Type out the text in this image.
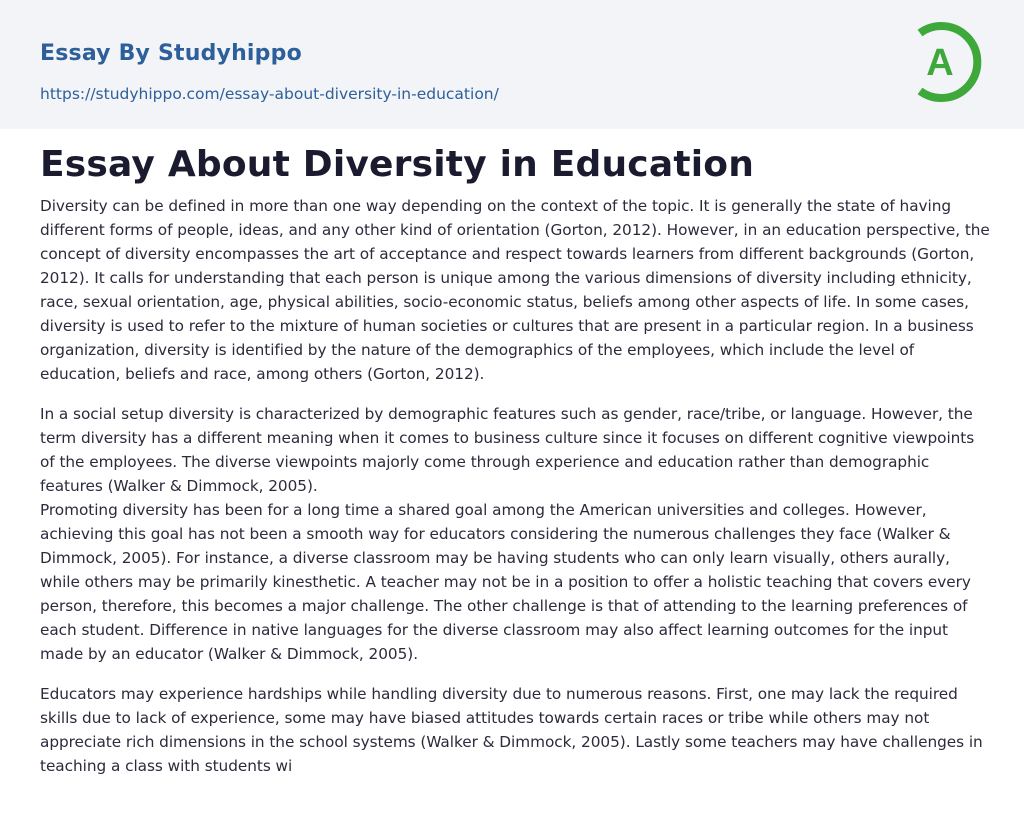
Essay By Studyhippo
https://studyhippo.com/essay-about-diversity-in-education/
A
Essay About Diversity in Education

Diversity can be defined in more than one way depending on the context of the topic. It is generally the state of having different forms of people, ideas, and any other kind of orientation (Gorton, 2012). However, in an education perspective, the concept of diversity encompasses the art of acceptance and respect towards learners from different backgrounds (Gorton, 2012). It calls for understanding that each person is unique among the various dimensions of diversity including ethnicity, race, sexual orientation, age, physical abilities, socio-economic status, beliefs among other aspects of life. In some cases, diversity is used to refer to the mixture of human societies or cultures that are present in a particular region. In a business organization, diversity is identified by the nature of the demographics of the employees, which include the level of education, beliefs and race, among others (Gorton, 2012).

In a social setup diversity is characterized by demographic features such as gender, race/tribe, or language. However, the term diversity has a different meaning when it comes to business culture since it focuses on different cognitive viewpoints of the employees. The diverse viewpoints majorly come through experience and education rather than demographic features (Walker & Dimmock, 2005).

Promoting diversity has been for a long time a shared goal among the American universities and colleges. However, achieving this goal has not been a smooth way for educators considering the numerous challenges they face (Walker & Dimmock, 2005). For instance, a diverse classroom may be having students who can only learn visually, others aurally, while others may be primarily kinesthetic. A teacher may not be in a position to offer a holistic teaching that covers every person, therefore, this becomes a major challenge. The other challenge is that of attending to the learning preferences of each student. Difference in native languages for the diverse classroom may also affect learning outcomes for the input made by an educator (Walker & Dimmock, 2005).

Educators may experience hardships while handling diversity due to numerous reasons. First, one may lack the required skills due to lack of experience, some may have biased attitudes towards certain races or tribe while others may not appreciate rich dimensions in the school systems (Walker & Dimmock, 2005). Lastly some teachers may have challenges in teaching a class with students wi
